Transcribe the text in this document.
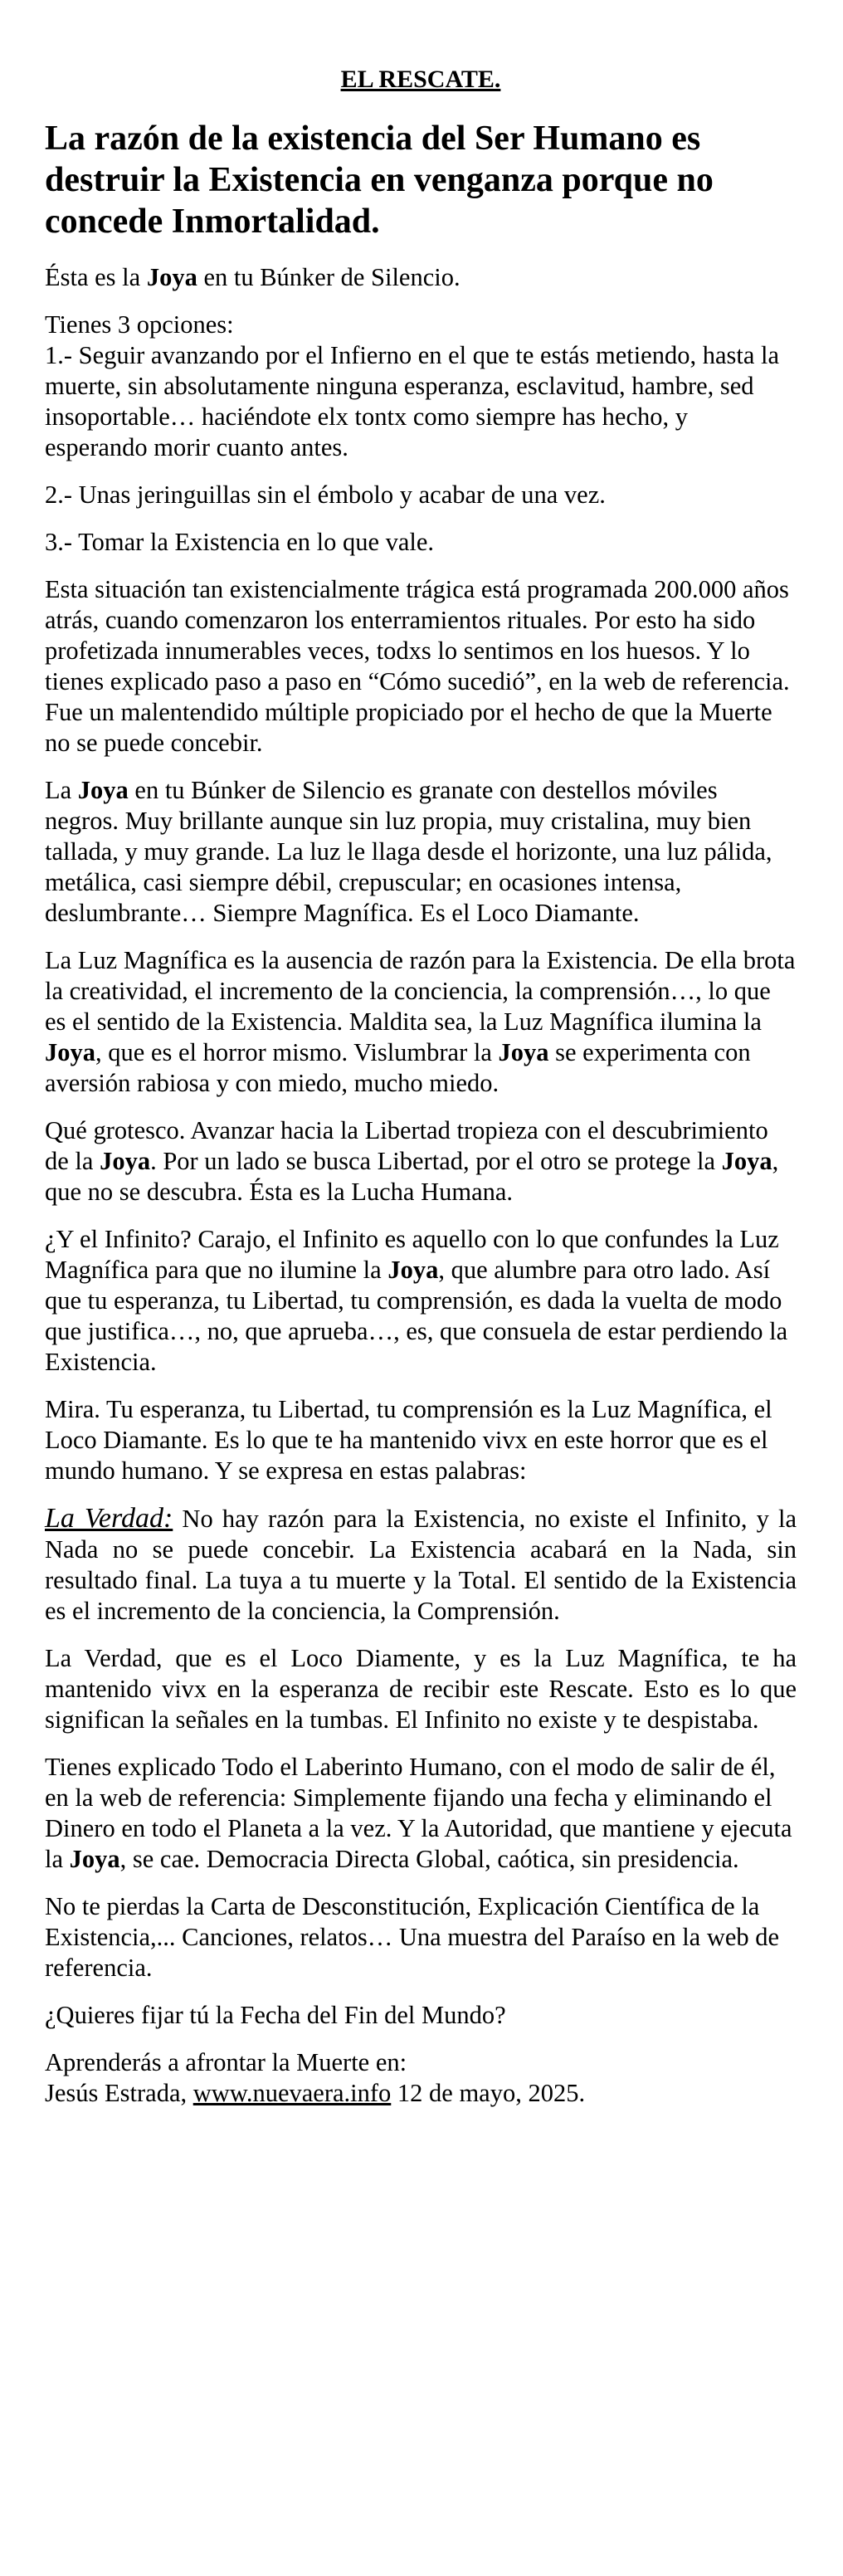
EL RESCATE.
La razón de la existencia del Ser Humano es destruir la Existencia en venganza porque no concede Inmortalidad.

Ésta es la Joya en tu Búnker de Silencio.

Tienes 3 opciones:

1.- Seguir avanzando por el Infierno en el que te estás metiendo, hasta la muerte, sin absolutamente ninguna esperanza, esclavitud, hambre, sed insoportable… haciéndote elx tontx como siempre has hecho, y esperando morir cuanto antes.

2.- Unas jeringuillas sin el émbolo y acabar de una vez.

3.- Tomar la Existencia en lo que vale.

Esta situación tan existencialmente trágica está programada 200.000 años atrás, cuando comenzaron los enterramientos rituales. Por esto ha sido profetizada innumerables veces, todxs lo sentimos en los huesos. Y lo tienes explicado paso a paso en “Cómo sucedió”, en la web de referencia. Fue un malentendido múltiple propiciado por el hecho de que la Muerte no se puede concebir.

La Joya en tu Búnker de Silencio es granate con destellos móviles negros. Muy brillante aunque sin luz propia, muy cristalina, muy bien tallada, y muy grande. La luz le llaga desde el horizonte, una luz pálida, metálica, casi siempre débil, crepuscular; en ocasiones intensa, deslumbrante… Siempre Magnífica. Es el Loco Diamante.

La Luz Magnífica es la ausencia de razón para la Existencia. De ella brota la creatividad, el incremento de la conciencia, la comprensión…, lo que es el sentido de la Existencia. Maldita sea, la Luz Magnífica ilumina la Joya, que es el horror mismo. Vislumbrar la Joya se experimenta con aversión rabiosa y con miedo, mucho miedo.

Qué grotesco. Avanzar hacia la Libertad tropieza con el descubrimiento de la Joya. Por un lado se busca Libertad, por el otro se protege la Joya, que no se descubra. Ésta es la Lucha Humana.

¿Y el Infinito? Carajo, el Infinito es aquello con lo que confundes la Luz Magnífica para que no ilumine la Joya, que alumbre para otro lado. Así que tu esperanza, tu Libertad, tu comprensión, es dada la vuelta de modo que justifica…, no, que aprueba…, es, que consuela de estar perdiendo la Existencia.

Mira. Tu esperanza, tu Libertad, tu comprensión es la Luz Magnífica, el Loco Diamante. Es lo que te ha mantenido vivx en este horror que es el mundo humano. Y se expresa en estas palabras:

La Verdad: No hay razón para la Existencia, no existe el Infinito, y la Nada no se puede concebir. La Existencia acabará en la Nada, sin resultado final. La tuya a tu muerte y la Total. El sentido de la Existencia es el incremento de la conciencia, la Comprensión.

La Verdad, que es el Loco Diamente, y es la Luz Magnífica, te ha mantenido vivx en la esperanza de recibir este Rescate. Esto es lo que significan la señales en la tumbas. El Infinito no existe y te despistaba.

Tienes explicado Todo el Laberinto Humano, con el modo de salir de él, en la web de referencia: Simplemente fijando una fecha y eliminando el Dinero en todo el Planeta a la vez. Y la Autoridad, que mantiene y ejecuta la Joya, se cae. Democracia Directa Global, caótica, sin presidencia.

No te pierdas la Carta de Desconstitución, Explicación Científica de la Existencia,... Canciones, relatos… Una muestra del Paraíso en la web de referencia.

¿Quieres fijar tú la Fecha del Fin del Mundo?

Aprenderás a afrontar la Muerte en:
Jesús Estrada, www.nuevaera.info 12 de mayo, 2025.
